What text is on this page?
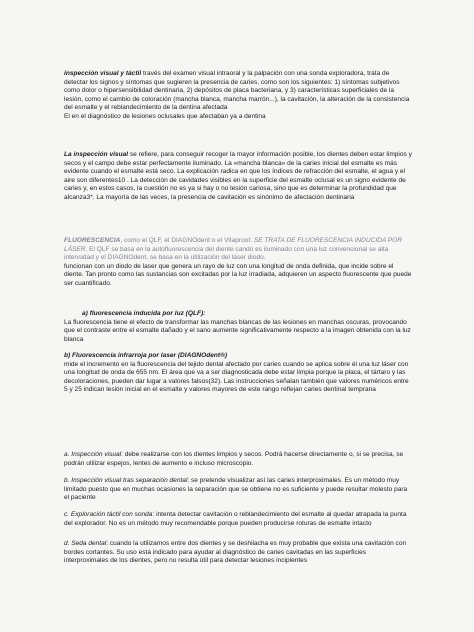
inspección visual y táctil través del examen visual intraoral y la palpación con una sonda exploradora, trata de detectar los signos y síntomas que sugieren la presencia de caries, como son los siguientes: 1) síntomas subjetivos como dolor o hipersensibilidad dentinaria, 2) depósitos de placa bacteriana, y 3) características superficiales de la lesión, como el cambio de coloración (mancha blanca, mancha marrón...), la cavitación, la alteración de la consistencia del esmalte y el reblandecimiento de la dentina afectada
El en el diagnóstico de lesiones oclusales que afectaban ya a dentina

La inspección visual se refiere, para conseguir recoger la mayor información posible, los dientes deben estar limpios y secos y el campo debe estar perfectamente iluminado. La «mancha blanca» de la caries inicial del esmalte es más evidente cuando el esmalte está seco. La explicación radica en que los índices de refracción del esmalte, el agua y el aire son diferentes10 . La detección de cavidades visibles en la superficie del esmalte oclusal es un signo evidente de caries y, en estos casos, la cuestión no es ya si hay o no lesión cariosa, sino que es determinar la profundidad que alcanza3*. La mayoría de las veces, la presencia de cavitación es sinónimo de afectación dentinaria

FLUORESCENCIA, como el QLF, el DIAGNOdent o el Vitaproof. SE TRATA DE FLUORESCENCIA INDUCIDA POR LÁSER. El QLF se basa en la autofluorescencia del diente cando es iluminado con una luz convencional se alta intensidad y el DIAGNOdent, se basa en la utilización del láser diodo.
funcionan con un diodo de laser que genera un rayo de luz con una longitud de onda definida, que incide sobre el diente. Tan pronto como las sustancias son excitadas por la luz irradiada, adquieren un aspecto fluorescente que puede ser cuantificado.

a) fluorescencia inducida por luz (QLF):
La fluorescencia tiene el efecto de transformar las manchas blancas de las lesiones en manchas oscuras, provocando que el contraste entre el esmalte dañado y el sano aumente significativamente respecto a la imagen obtenida con la luz blanca

b) Fluorescencia infrarroja por laser (DIAGNOdent®)
mide el incremento en la fluorescencia del tejido dental afectado por caries cuando se aplica sobre él una luz láser con una longitud de onda de 655 nm. El área que va a ser diagnosticada debe estar limpia porque la placa, el tártaro y las decoloraciones, pueden dar lugar a valores falsos(32). Las instrucciones señalan también que valores numéricos entre 5 y 25 indican lesión inicial en el esmalte y valores mayores de este rango reflejan caries dentinal temprana

a. Inspección visual: debe realizarse con los dientes limpios y secos. Podrá hacerse directamente o, si se precisa, se podrán utilizar espejos, lentes de aumento e incluso microscopio.

b. Inspección visual tras separación dental: se pretende visualizar así las caries interproximales. Es un método muy limitado puesto que en muchas ocasiones la separación que se obtiene no es suficiente y puede resultar molesto para el paciente

c. Exploración táctil con sonda: intenta detectar cavitación o reblandecimiento del esmalte al quedar atrapada la punta del explorador. No es un método muy recomendable porque pueden producirse roturas de esmalte intacto

d. Seda dental: cuando la utilizamos entre dos dientes y se deshilacha es muy probable que exista una cavitación con bordes cortantes. Su uso está indicado para ayudar al diagnóstico de caries cavitadas en las superficies interproximales de los dientes, pero no resulta útil para detectar lesiones incipientes
